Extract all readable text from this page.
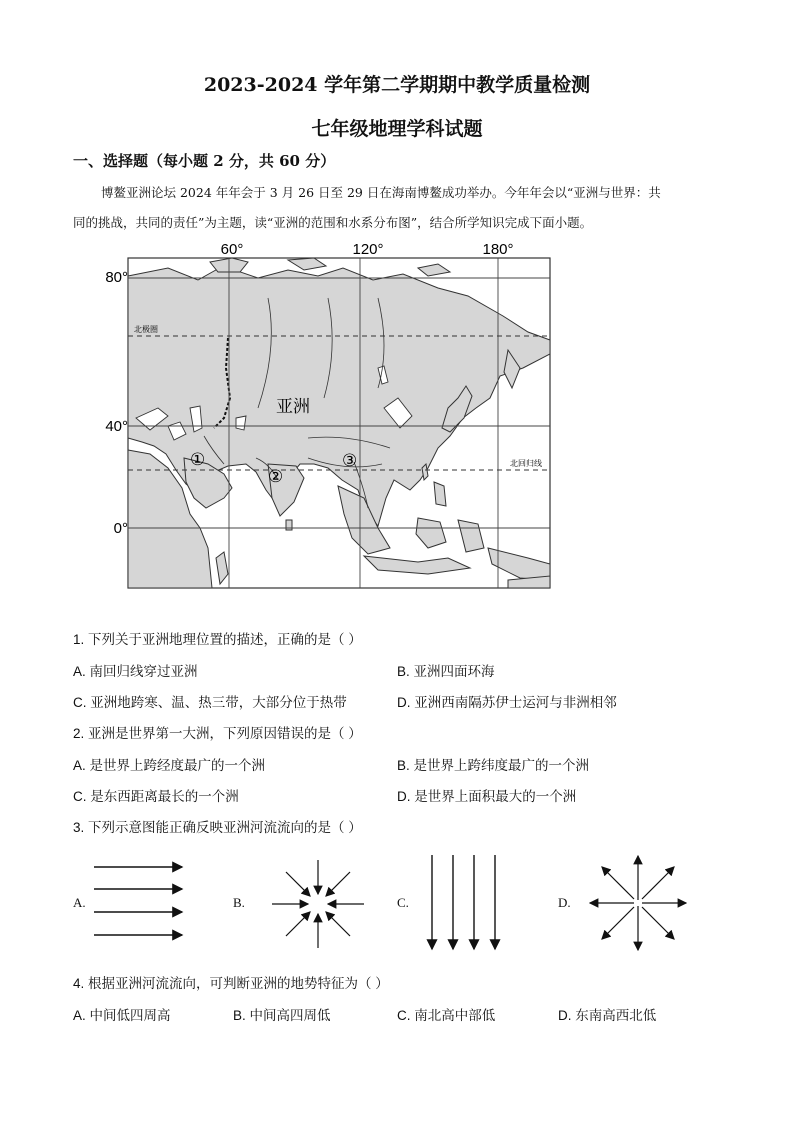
2023-2024 学年第二学期期中教学质量检测
七年级地理学科试题
一、选择题（每小题 2 分，共 60 分）
博鳌亚洲论坛 2024 年年会于 3 月 26 日至 29 日在海南博鳌成功举办。今年年会以“亚洲与世界：共
同的挑战，共同的责任”为主题，读“亚洲的范围和水系分布图”，结合所学知识完成下面小题。
60°	120°	180°
80°
40°
0°
北极圈
北回归线
亚洲
①
②
③
1. 下列关于亚洲地理位置的描述，正确的是（ ）
A. 南回归线穿过亚洲	B. 亚洲四面环海
C. 亚洲地跨寒、温、热三带，大部分位于热带	D. 亚洲西南隔苏伊士运河与非洲相邻
2. 亚洲是世界第一大洲，下列原因错误的是（ ）
A. 是世界上跨经度最广的一个洲	B. 是世界上跨纬度最广的一个洲
C. 是东西距离最长的一个洲	D. 是世界上面积最大的一个洲
3. 下列示意图能正确反映亚洲河流流向的是（ ）
A.	B.	C.	D.
4. 根据亚洲河流流向，可判断亚洲的地势特征为（ ）
A. 中间低四周高	B. 中间高四周低	C. 南北高中部低	D. 东南高西北低
